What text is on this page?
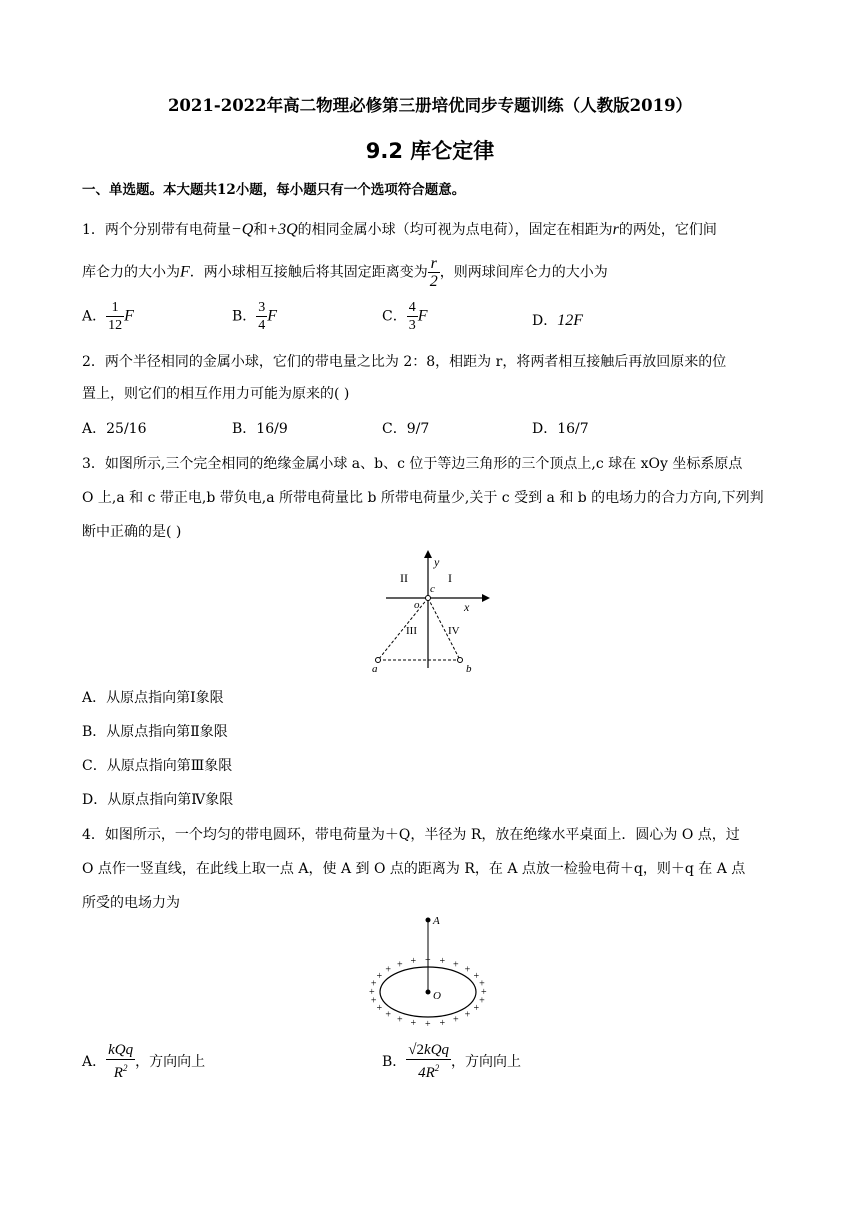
2021-2022年高二物理必修第三册培优同步专题训练（人教版2019）
9.2 库仑定律
一、单选题。本大题共12小题，每小题只有一个选项符合题意。
1．两个分别带有电荷量−Q和+3Q的相同金属小球（均可视为点电荷），固定在相距为r的两处，它们间
库仑力的大小为F．两小球相互接触后将其固定距离变为 $\frac{r}{2}$ ，则两球间库仑力的大小为
A． $\frac{1}{12}$ F	B． $\frac{3}{4}$ F	C． $\frac{4}{3}$ F	D．12F
2．两个半径相同的金属小球，它们的带电量之比为 2：8，相距为 r，将两者相互接触后再放回原来的位
置上，则它们的相互作用力可能为原来的( )
A．25/16	B．16/9	C．9/7	D．16/7
3．如图所示,三个完全相同的绝缘金属小球 a、b、c 位于等边三角形的三个顶点上,c 球在 xOy 坐标系原点
O 上,a 和 c 带正电,b 带负电,a 所带电荷量比 b 所带电荷量少,关于 c 受到 a 和 b 的电场力的合力方向,下列判
断中正确的是( )
II	I
III	IV
x
y
o
c
a	b
A．从原点指向第Ⅰ象限
B．从原点指向第Ⅱ象限
C．从原点指向第Ⅲ象限
D．从原点指向第Ⅳ象限
4．如图所示，一个均匀的带电圆环，带电荷量为＋Q，半径为 R，放在绝缘水平桌面上．圆心为 O 点，过
O 点作一竖直线，在此线上取一点 A，使 A 到 O 点的距离为 R，在 A 点放一检验电荷＋q，则＋q 在 A 点
所受的电场力为
+
+
+
+
+
+
+
+
+
+
+
+
+
+
+
+ + + + + + +
+
+
A
O
A． $\frac{\text{kQq}}{R^2}$ ，方向向上	B． $\frac{\text{√2kQq}}{4R^2}$ ，方向向上
